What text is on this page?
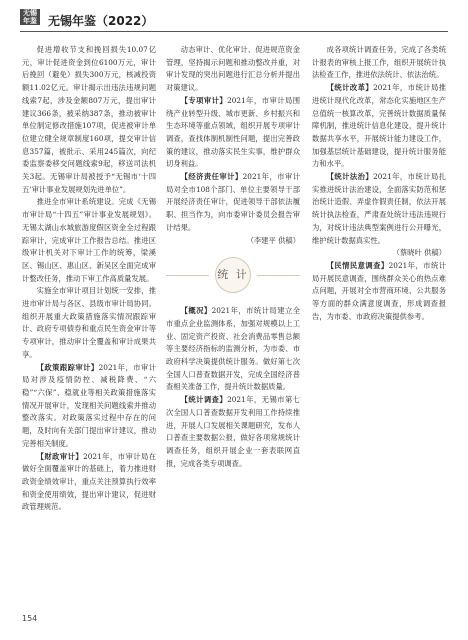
无锡
年鉴 无锡年鉴（2022）

促进增收节支和挽回损失10.07亿元，审计促进资金到位6100万元，审计后挽回（避免）损失300万元，核减投资额11.02亿元。审计揭示出违法违规问题线索7起，涉及金额807万元，提出审计建议366条，被采纳387条，推动被审计单位制定修改措施107项，促进被审计单位建立健全规章制度160项，提交审计信息357篇，被批示、采用245篇次，向纪委监察委移交问题线索9起，移送司法机关3起。无锡审计局被授予“无锡市‘十四五’审计事业发展规划先进单位”。

推进全市审计系统建设。完成《无锡市审计局“十四五”审计事业发展规划》。无锡太湖山水城旅游度假区资金全过程跟踪审计，完成审计工作报告总结。推进区级审计机关对下审计工作的统筹，梁溪区、锡山区、惠山区、新吴区全面完成审计整改任务，推动下审工作高质量发展。

实施全市审计项目计划统一安排，推进市审计局与各区、县级市审计局协同。组织开展重大政策措施落实情况跟踪审计、政府专项债券和重点民生资金审计等专项审计，推动审计全覆盖和审计成果共享。

【政策跟踪审计】2021年，市审计局对涉及疫情防控、减税降费、“六稳”“六保”、稳就业等相关政策措施落实情况开展审计，发现相关问题线索并推动整改落实。对政策落实过程中存在的问题，及时向有关部门提出审计建议，推动完善相关制度。

【财政审计】2021年，市审计局在做好全面覆盖审计的基础上，着力推进财政资金绩效审计，重点关注预算执行效率和资金使用绩效，提出审计建议，促进财政管理规范。

动态审计、优化审计、促进规范资金管理，坚持揭示问题和推动整改并重，对审计发现的突出问题进行汇总分析并提出对策建议。

【专项审计】2021年，市审计局围绕产业转型升级、城市更新、乡村振兴和生态环境等重点领域，组织开展专项审计调查，查找体制机制性问题，提出完善政策的建议，推动落实民生实事，维护群众切身利益。

【经济责任审计】2021年，市审计局对全市108个部门、单位主要领导干部开展经济责任审计，促进领导干部依法履职、担当作为，向市委审计委员会报告审计结果。

（李建平 供稿）

统 计

【概况】2021年，市统计局建立全市重点企业监测体系，加强对规模以上工业、固定资产投资、社会消费品零售总额等主要经济指标的监测分析，为市委、市政府科学决策提供统计服务。做好第七次全国人口普查数据开发，完成全国经济普查相关准备工作，提升统计数据质量。

【统计调查】2021年，无锡市第七次全国人口普查数据开发利用工作持续推进，开展人口发展相关课题研究，发布人口普查主要数据公报，做好各项常规统计调查任务，组织开展企业一套表联网直报，完成各类专项调查。

成各项统计调查任务，完成了各类统计报表的审核上报工作，组织开展统计执法检查工作，推进依法统计、依法治统。

【统计改革】2021年，市统计局推进统计现代化改革，常态化实施地区生产总值统一核算改革，完善统计数据质量保障机制，推进统计信息化建设，提升统计数据共享水平，开展统计能力建设工作，加强基层统计基础建设，提升统计服务能力和水平。

【统计法治】2021年，市统计局扎实推进统计法治建设，全面落实防范和惩治统计造假、弄虚作假责任制，依法开展统计执法检查，严肃查处统计违法违规行为，对统计违法典型案例进行公开曝光，维护统计数据真实性。

（蔡晓叶 供稿）

【民情民意调查】2021年，市统计局开展民意调查，围绕群众关心的热点难点问题，开展对全市营商环境、公共服务等方面的群众满意度调查，形成调查报告，为市委、市政府决策提供参考。

154
